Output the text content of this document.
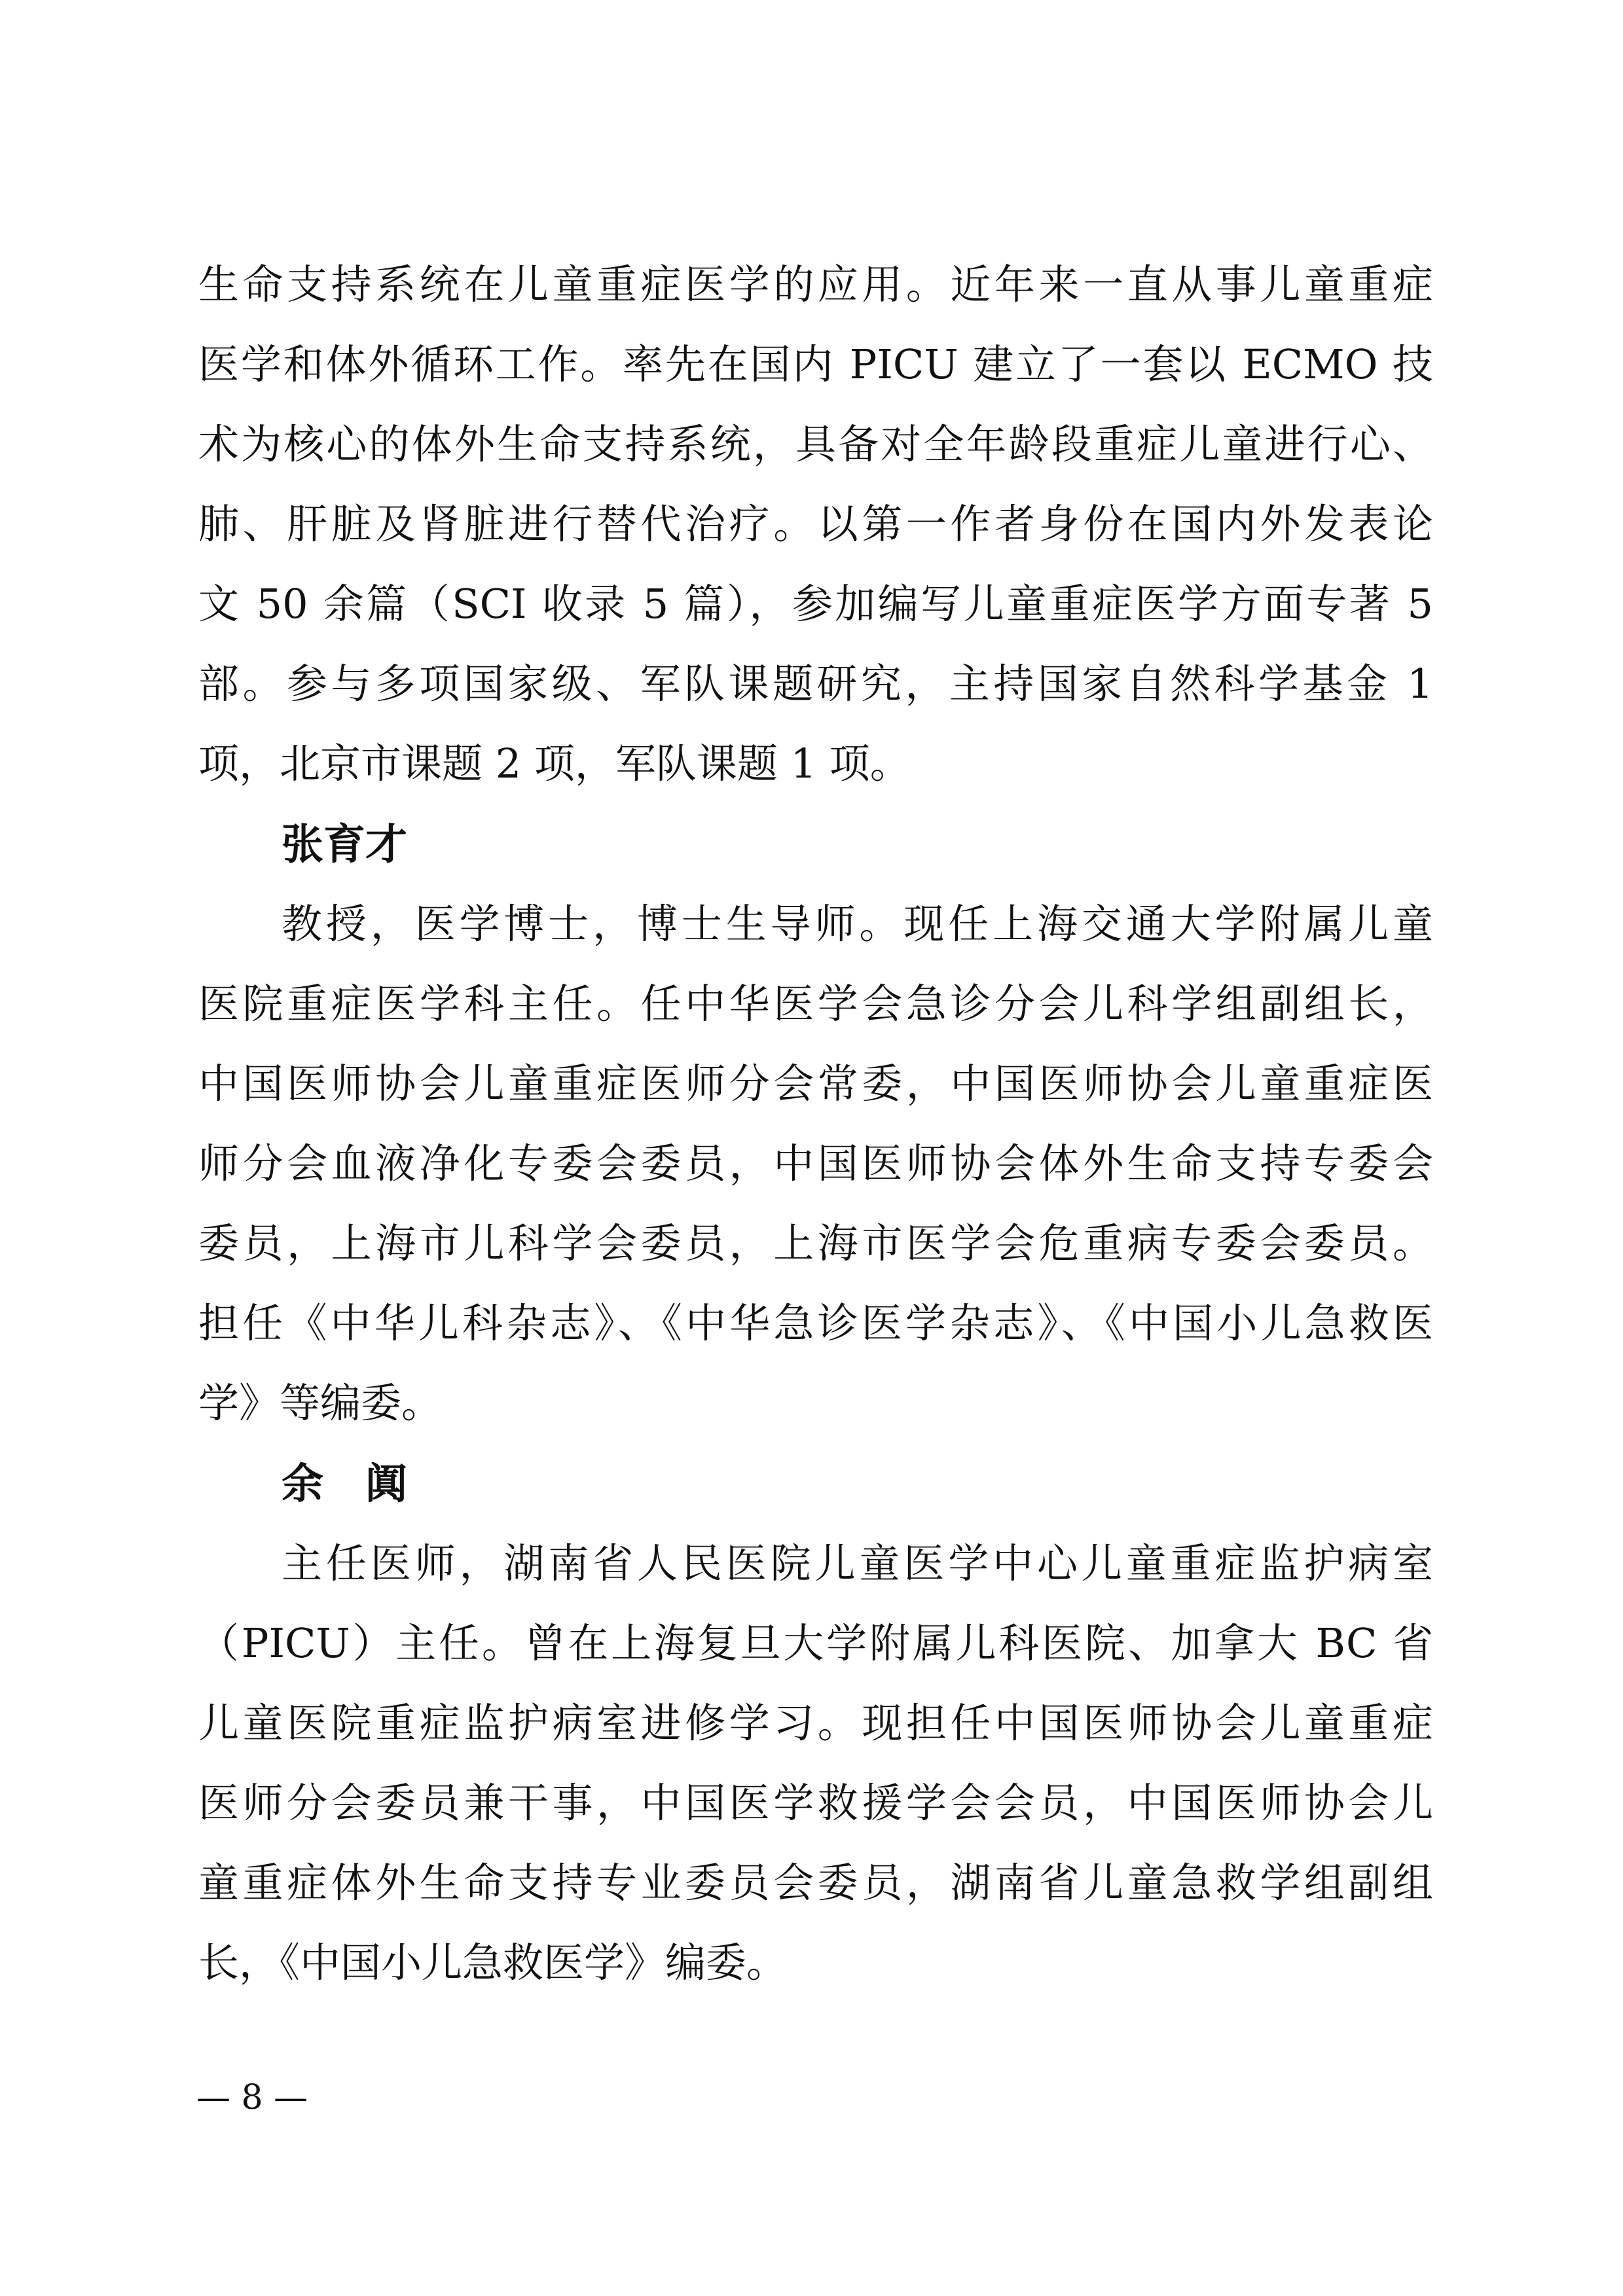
生命支持系统在儿童重症医学的应用。近年来一直从事儿童重症
医学和体外循环工作。率先在国内 PICU 建立了一套以 ECMO 技
术为核心的体外生命支持系统，具备对全年龄段重症儿童进行心、
肺、肝脏及肾脏进行替代治疗。以第一作者身份在国内外发表论
文 50 余篇（SCI 收录 5 篇），参加编写儿童重症医学方面专著 5
部。参与多项国家级、军队课题研究，主持国家自然科学基金 1
项，北京市课题 2 项，军队课题 1 项。
张育才
教授，医学博士，博士生导师。现任上海交通大学附属儿童
医院重症医学科主任。任中华医学会急诊分会儿科学组副组长，
中国医师协会儿童重症医师分会常委，中国医师协会儿童重症医
师分会血液净化专委会委员，中国医师协会体外生命支持专委会
委员，上海市儿科学会委员，上海市医学会危重病专委会委员。
担任《中华儿科杂志》、《中华急诊医学杂志》、《中国小儿急救医
学》等编委。
余　阗
主任医师，湖南省人民医院儿童医学中心儿童重症监护病室
（PICU）主任。曾在上海复旦大学附属儿科医院、加拿大 BC 省
儿童医院重症监护病室进修学习。现担任中国医师协会儿童重症
医师分会委员兼干事，中国医学救援学会会员，中国医师协会儿
童重症体外生命支持专业委员会委员，湖南省儿童急救学组副组
长，《中国小儿急救医学》编委。
— 8 —
